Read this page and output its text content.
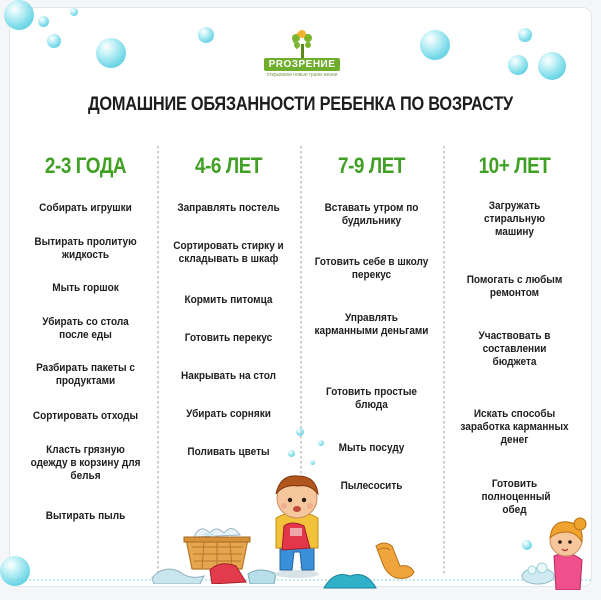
PROЗРЕНИЕ
открываем новые грани жизни
ДОМАШНИЕ ОБЯЗАННОСТИ РЕБЕНКА ПО ВОЗРАСТУ
2-3 ГОДА
Собирать игрушки
Вытирать пролитую жидкость
Мыть горшок
Убирать со стола после еды
Разбирать пакеты с продуктами
Сортировать отходы
Класть грязную одежду в корзину для белья
Вытирать пыль
4-6 ЛЕТ
Заправлять постель
Сортировать стирку и складывать в шкаф
Кормить питомца
Готовить перекус
Накрывать на стол
Убирать сорняки
Поливать цветы
7-9 ЛЕТ
Вставать утром по будильнику
Готовить себе в школу перекус
Управлять карманными деньгами
Готовить простые блюда
Мыть посуду
Пылесосить
10+ ЛЕТ
Загружать стиральную машину
Помогать с любым ремонтом
Участвовать в составлении бюджета
Искать способы заработка карманных денег
Готовить полноценный обед
